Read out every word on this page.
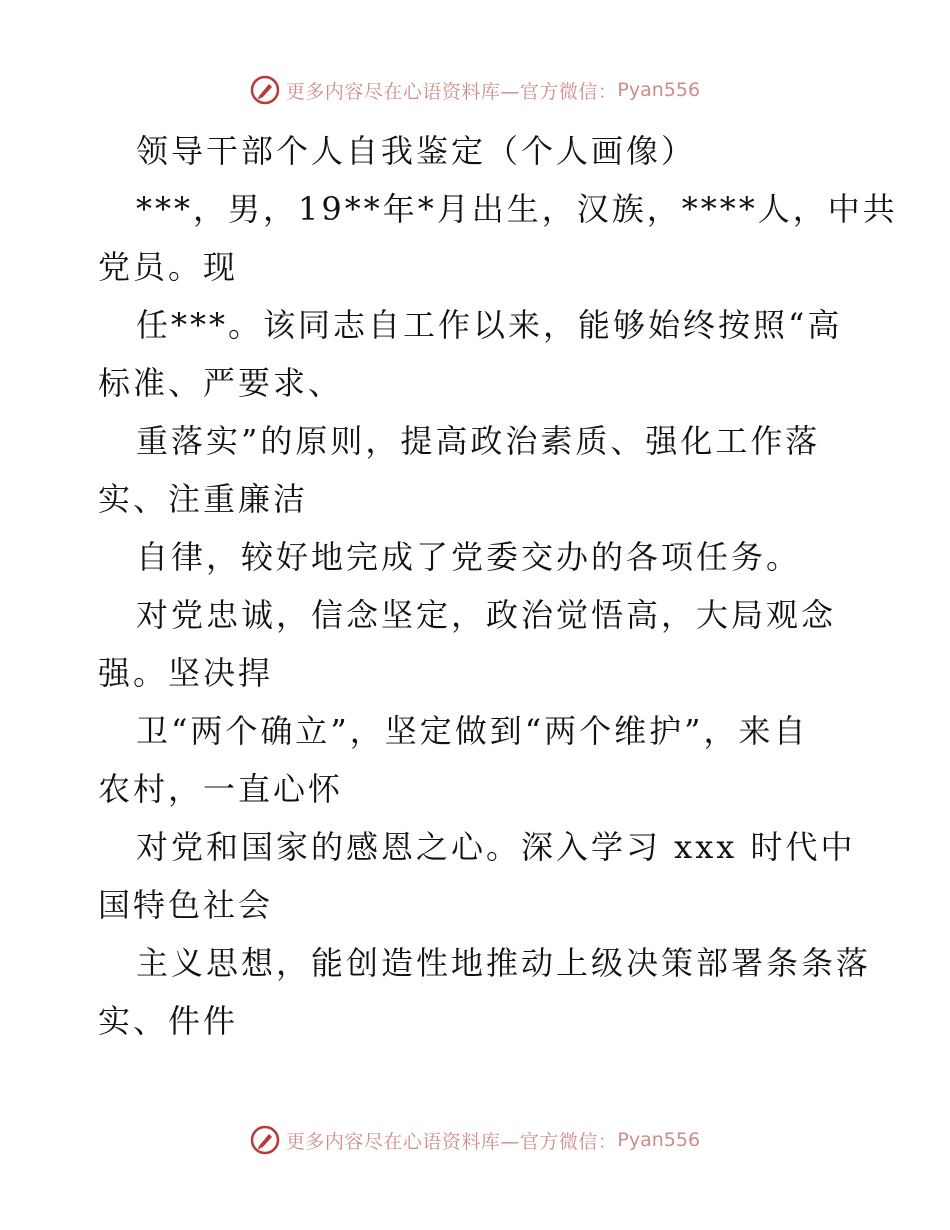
更多内容尽在心语资料库—官方微信： Pyan556
领导干部个人自我鉴定（个人画像）
***，男，19**年*月出生，汉族，****人，中共
党员。现
任***。该同志自工作以来，能够始终按照“高
标准、严要求、
重落实”的原则，提高政治素质、强化工作落
实、注重廉洁
自律，较好地完成了党委交办的各项任务。
对党忠诚，信念坚定，政治觉悟高，大局观念
强。坚决捍
卫“两个确立”，坚定做到“两个维护”，来自
农村，一直心怀
对党和国家的感恩之心。深入学习 xxx 时代中
国特色社会
主义思想，能创造性地推动上级决策部署条条落
实、件件
更多内容尽在心语资料库—官方微信： Pyan556
